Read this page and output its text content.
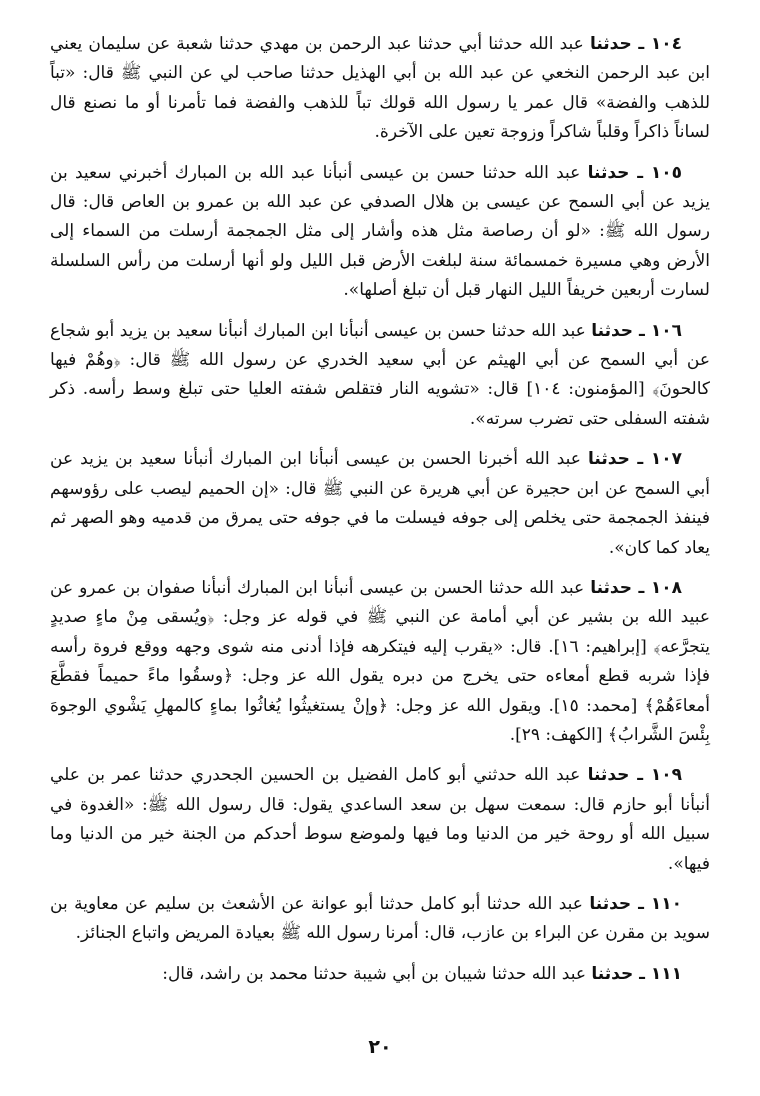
١٠٤ ـ حدثنا عبد الله حدثنا أبي حدثنا عبد الرحمن بن مهدي حدثنا شعبة عن سليمان يعني ابن عبد الرحمن النخعي عن عبد الله بن أبي الهذيل حدثنا صاحب لي عن النبي ﷺ قال: «تباً للذهب والفضة» قال عمر يا رسول الله قولك تباً للذهب والفضة فما تأمرنا أو ما نصنع قال لساناً ذاكراً وقلباً شاكراً وزوجة تعين على الآخرة.

١٠٥ ـ حدثنا عبد الله حدثنا حسن بن عيسى أنبأنا عبد الله بن المبارك أخبرني سعيد بن يزيد عن أبي السمح عن عيسى بن هلال الصدفي عن عبد الله بن عمرو بن العاص قال: قال رسول الله ﷺ: «لو أن رصاصة مثل هذه وأشار إلى مثل الجمجمة أرسلت من السماء إلى الأرض وهي مسيرة خمسمائة سنة لبلغت الأرض قبل الليل ولو أنها أرسلت من رأس السلسلة لسارت أربعين خريفاً الليل النهار قبل أن تبلغ أصلها».

١٠٦ ـ حدثنا عبد الله حدثنا حسن بن عيسى أنبأنا ابن المبارك أنبأنا سعيد بن يزيد أبو شجاع عن أبي السمح عن أبي الهيثم عن أبي سعيد الخدري عن رسول الله ﷺ قال: ﴿وهُمْ فيها كالحونَ﴾ [المؤمنون: ١٠٤] قال: «تشويه النار فتقلص شفته العليا حتى تبلغ وسط رأسه. ذكر شفته السفلى حتى تضرب سرته».

١٠٧ ـ حدثنا عبد الله أخبرنا الحسن بن عيسى أنبأنا ابن المبارك أنبأنا سعيد بن يزيد عن أبي السمح عن ابن حجيرة عن أبي هريرة عن النبي ﷺ قال: «إن الحميم ليصب على رؤوسهم فينفذ الجمجمة حتى يخلص إلى جوفه فيسلت ما في جوفه حتى يمرق من قدميه وهو الصهر ثم يعاد كما كان».

١٠٨ ـ حدثنا عبد الله حدثنا الحسن بن عيسى أنبأنا ابن المبارك أنبأنا صفوان بن عمرو عن عبيد الله بن بشير عن أبي أمامة عن النبي ﷺ في قوله عز وجل: ﴿ويُسقى مِنْ ماءٍ صديدٍ يتجرَّعه﴾ [إبراهيم: ١٦]. قال: «يقرب إليه فيتكرهه فإذا أدنى منه شوى وجهه ووقع فروة رأسه فإذا شربه قطع أمعاءه حتى يخرج من دبره يقول الله عز وجل: ﴿وسقُوا ماءً حميماً فقطَّعَ أمعاءَهُمْ﴾ [محمد: ١٥]. ويقول الله عز وجل: ﴿وإنْ يستغيثُوا يُغاثُوا بماءٍ كالمهلِ يَشْوي الوجوهَ بِئْسَ الشَّرابُ﴾ [الكهف: ٢٩].

١٠٩ ـ حدثنا عبد الله حدثني أبو كامل الفضيل بن الحسين الجحدري حدثنا عمر بن علي أنبأنا أبو حازم قال: سمعت سهل بن سعد الساعدي يقول: قال رسول الله ﷺ: «الغدوة في سبيل الله أو روحة خير من الدنيا وما فيها ولموضع سوط أحدكم من الجنة خير من الدنيا وما فيها».

١١٠ ـ حدثنا عبد الله حدثنا أبو كامل حدثنا أبو عوانة عن الأشعث بن سليم عن معاوية بن سويد بن مقرن عن البراء بن عازب، قال: أمرنا رسول الله ﷺ بعيادة المريض واتباع الجنائز.

١١١ ـ حدثنا عبد الله حدثنا شيبان بن أبي شيبة حدثنا محمد بن راشد، قال:

٢٠
